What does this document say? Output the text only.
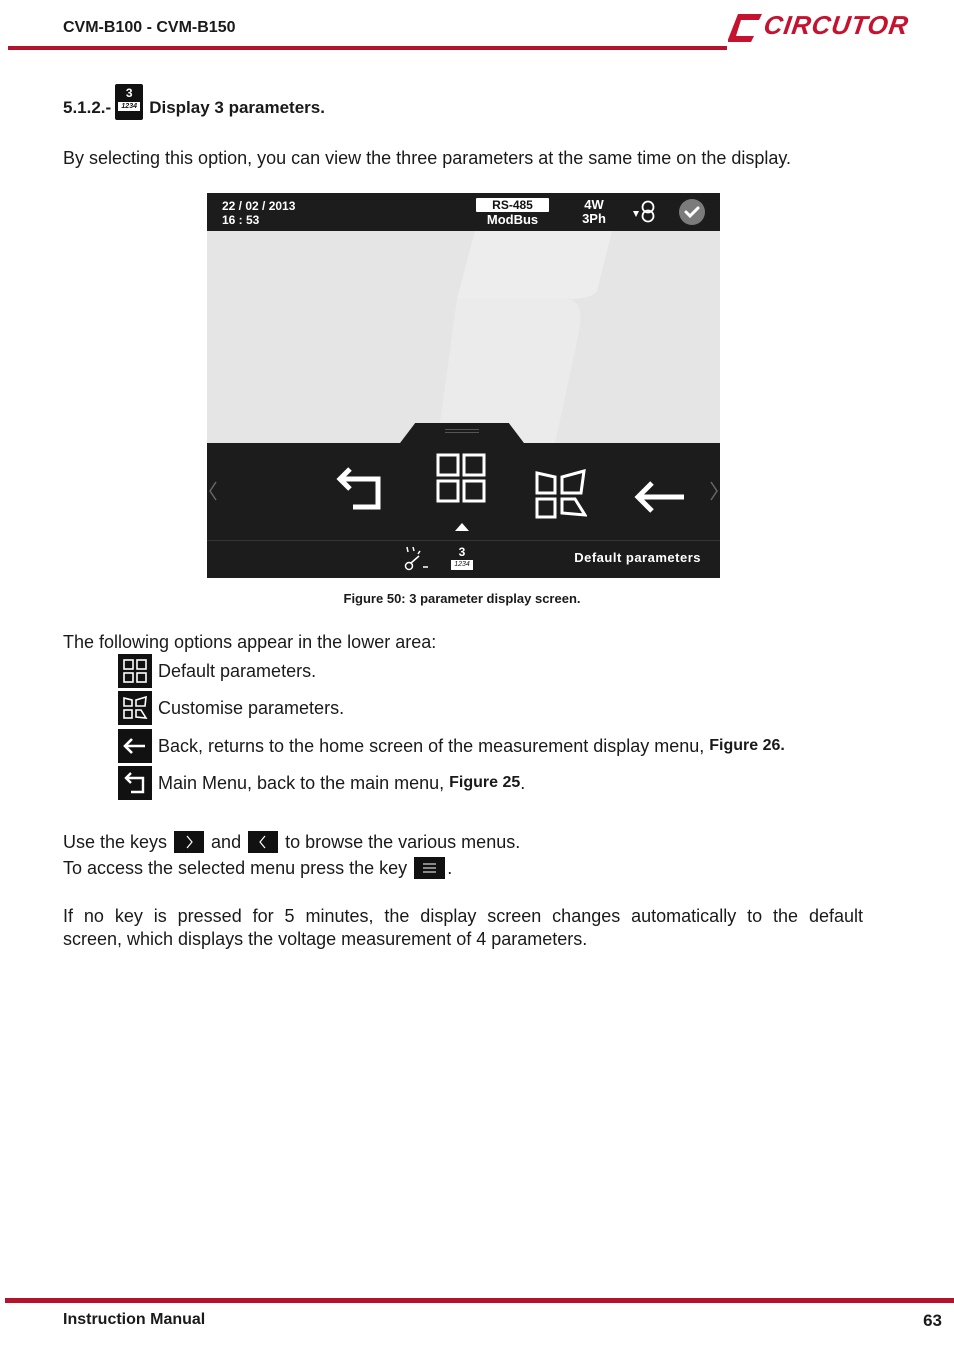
CVM-B100 - CVM-B150	CIRCUTOR
5.1.2.-
3
1234 Display 3 parameters.
By selecting this option, you can view the three parameters at the same time on the display.
22 / 02 / 2013
16 : 53
RS-485
ModBus
4W
3Ph
3
1234	Default parameters
Figure 50: 3 parameter display screen.
The following options appear in the lower area:
Default parameters.
Customise parameters.
Back, returns to the home screen of the measurement display menu, Figure 26.
Main Menu, back to the main menu, Figure 25 .
Use the keys and to browse the various menus.
To access the selected menu press the key .
If no key is pressed for 5 minutes, the display screen changes automatically to the default
screen, which displays the voltage measurement of 4 parameters.
Instruction Manual	63
